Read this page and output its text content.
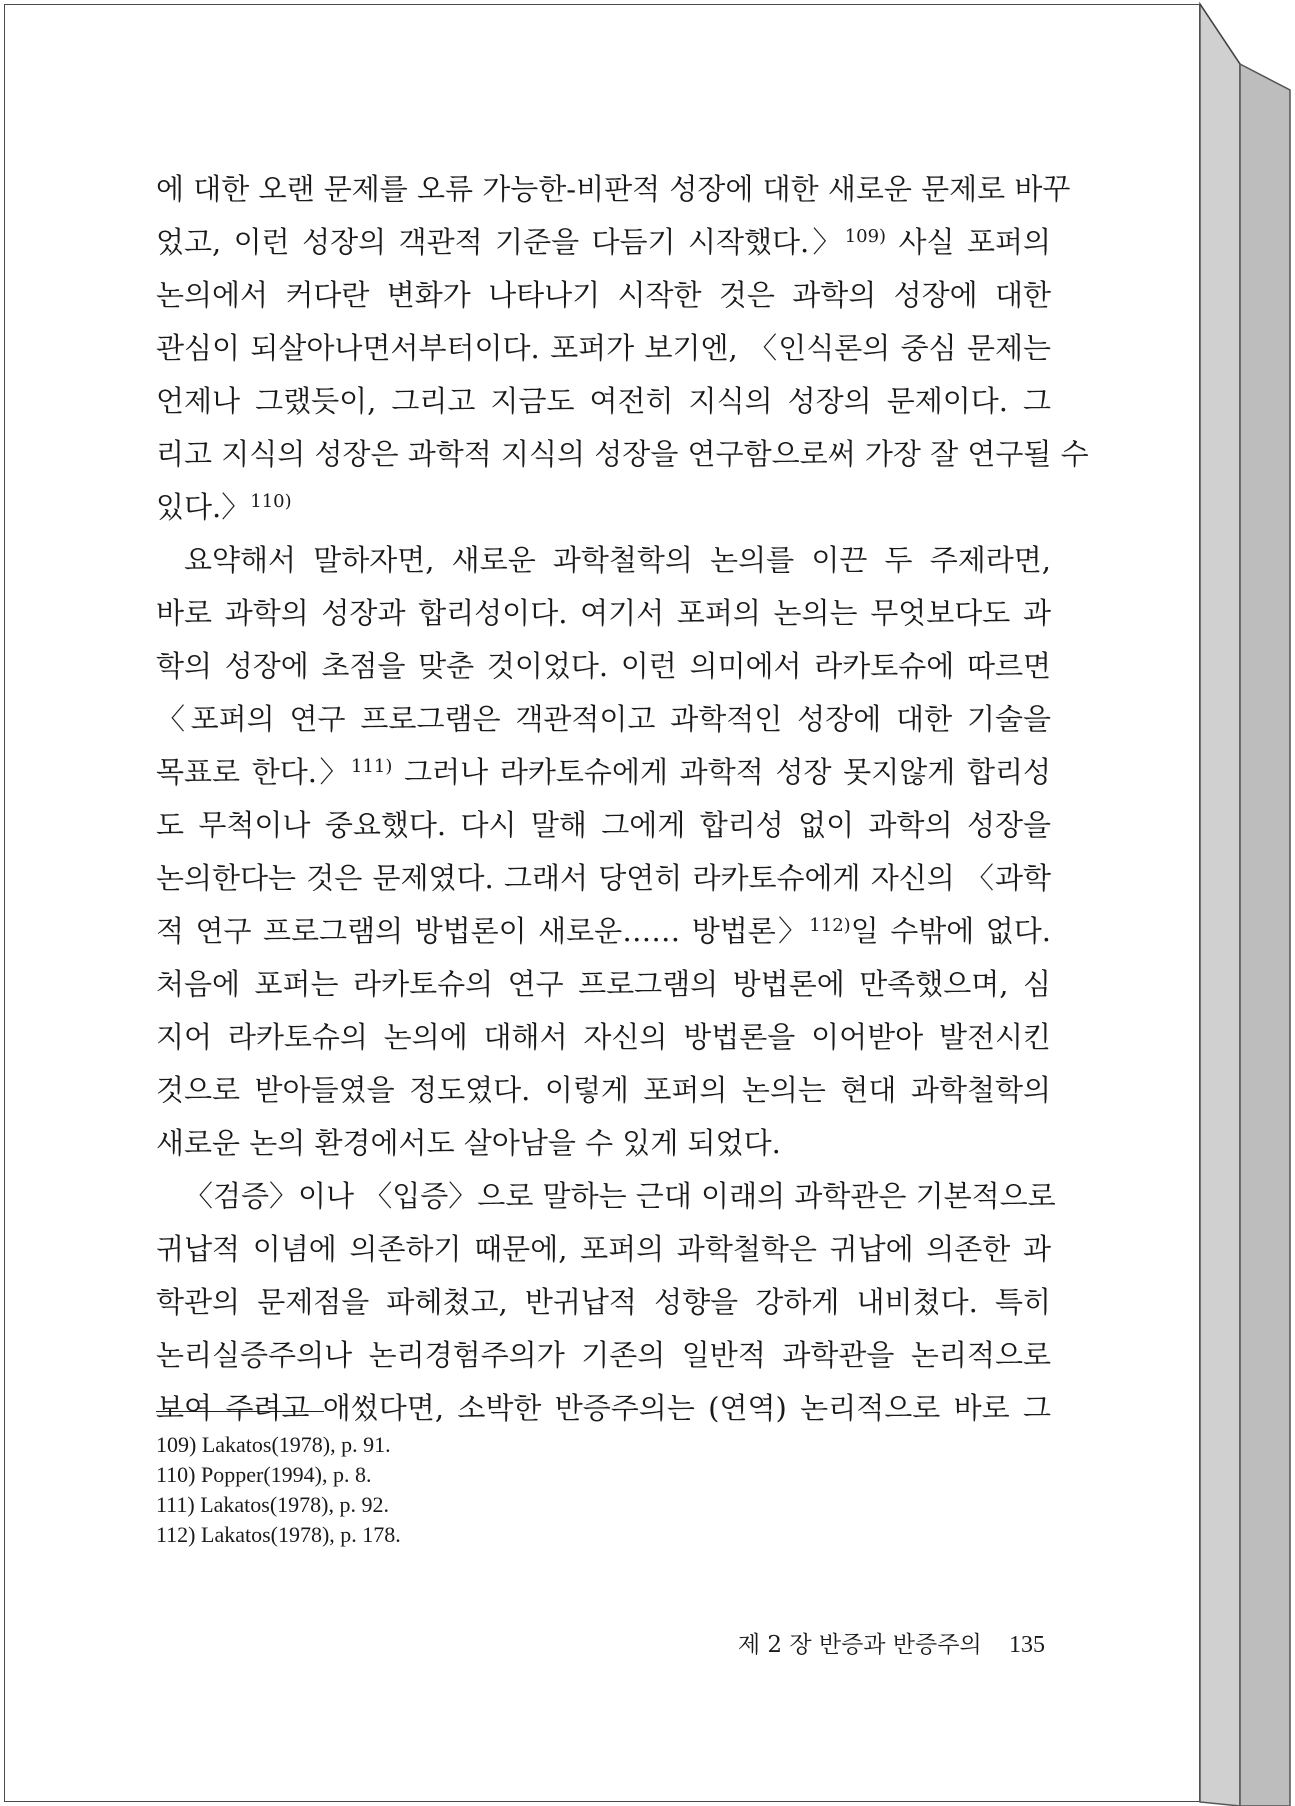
에 대한 오랜 문제를 오류 가능한-비판적 성장에 대한 새로운 문제로 바꾸
었고, 이런 성장의 객관적 기준을 다듬기 시작했다.〉$^{109)}$ 사실 포퍼의
논의에서 커다란 변화가 나타나기 시작한 것은 과학의 성장에 대한
관심이 되살아나면서부터이다. 포퍼가 보기엔, 〈인식론의 중심 문제는
언제나 그랬듯이, 그리고 지금도 여전히 지식의 성장의 문제이다. 그
리고 지식의 성장은 과학적 지식의 성장을 연구함으로써 가장 잘 연구될 수
있다.〉$^{110)}$
요약해서 말하자면, 새로운 과학철학의 논의를 이끈 두 주제라면,
바로 과학의 성장과 합리성이다. 여기서 포퍼의 논의는 무엇보다도 과
학의 성장에 초점을 맞춘 것이었다. 이런 의미에서 라카토슈에 따르면
〈포퍼의 연구 프로그램은 객관적이고 과학적인 성장에 대한 기술을
목표로 한다.〉$^{111)}$ 그러나 라카토슈에게 과학적 성장 못지않게 합리성
도 무척이나 중요했다. 다시 말해 그에게 합리성 없이 과학의 성장을
논의한다는 것은 문제였다. 그래서 당연히 라카토슈에게 자신의 〈과학
적 연구 프로그램의 방법론이 새로운…… 방법론〉$^{112)}$일 수밖에 없다.
처음에 포퍼는 라카토슈의 연구 프로그램의 방법론에 만족했으며, 심
지어 라카토슈의 논의에 대해서 자신의 방법론을 이어받아 발전시킨
것으로 받아들였을 정도였다. 이렇게 포퍼의 논의는 현대 과학철학의
새로운 논의 환경에서도 살아남을 수 있게 되었다.
〈검증〉이나 〈입증〉으로 말하는 근대 이래의 과학관은 기본적으로
귀납적 이념에 의존하기 때문에, 포퍼의 과학철학은 귀납에 의존한 과
학관의 문제점을 파헤쳤고, 반귀납적 성향을 강하게 내비쳤다. 특히
논리실증주의나 논리경험주의가 기존의 일반적 과학관을 논리적으로
보여 주려고 애썼다면, 소박한 반증주의는 (연역) 논리적으로 바로 그
109) Lakatos(1978), p. 91.
110) Popper(1994), p. 8.
111) Lakatos(1978), p. 92.
112) Lakatos(1978), p. 178.
제 2 장 반증과 반증주의 135
